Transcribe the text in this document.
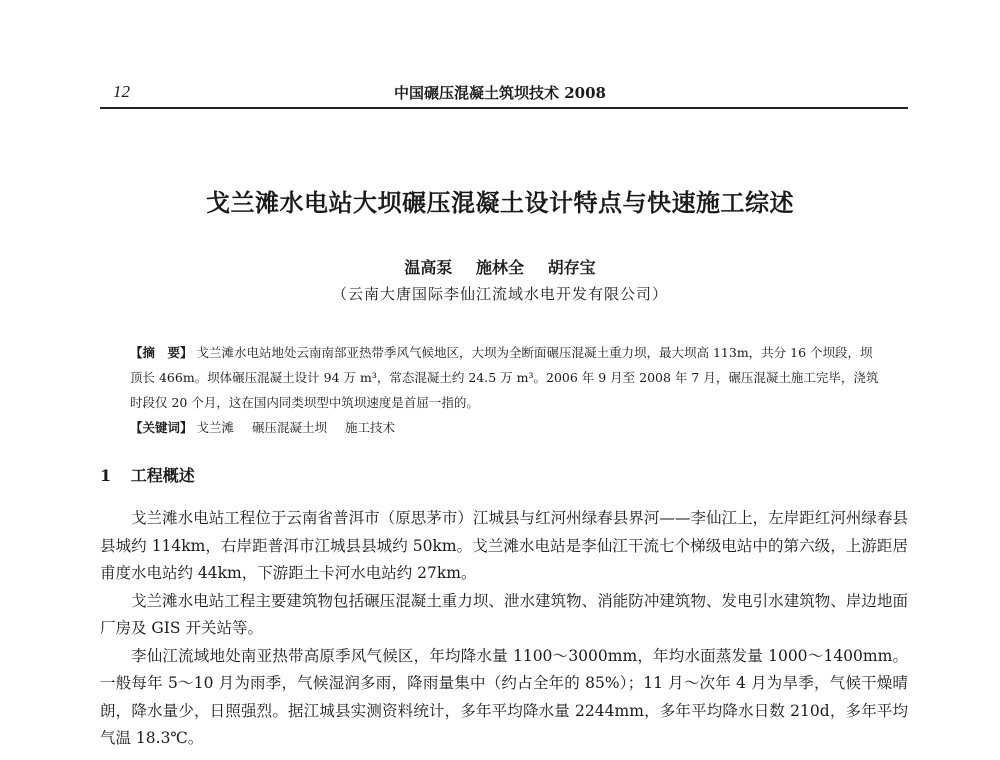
12	中国碾压混凝土筑坝技术 2008
戈兰滩水电站大坝碾压混凝土设计特点与快速施工综述
温高泵 施林全 胡存宝
（云南大唐国际李仙江流域水电开发有限公司）
【摘　要】 戈兰滩水电站地处云南南部亚热带季风气候地区，大坝为全断面碾压混凝土重力坝，最大坝高 113m，共分 16 个坝段，坝顶长 466m。坝体碾压混凝土设计 94 万 m³，常态混凝土约 24.5 万 m³。2006 年 9 月至 2008 年 7 月，碾压混凝土施工完毕，浇筑时段仅 20 个月，这在国内同类坝型中筑坝速度是首屈一指的。
【关键词】 戈兰滩 碾压混凝土坝 施工技术
1 工程概述

戈兰滩水电站工程位于云南省普洱市（原思茅市）江城县与红河州绿春县界河——李仙江上，左岸距红河州绿春县县城约 114km，右岸距普洱市江城县县城约 50km。戈兰滩水电站是李仙江干流七个梯级电站中的第六级，上游距居甫度水电站约 44km，下游距土卡河水电站约 27km。

戈兰滩水电站工程主要建筑物包括碾压混凝土重力坝、泄水建筑物、消能防冲建筑物、发电引水建筑物、岸边地面厂房及 GIS 开关站等。

李仙江流域地处南亚热带高原季风气候区，年均降水量 1100～3000mm，年均水面蒸发量 1000～1400mm。一般每年 5～10 月为雨季，气候湿润多雨，降雨量集中（约占全年的 85%）；11 月～次年 4 月为旱季，气候干燥晴朗，降水量少，日照强烈。据江城县实测资料统计，多年平均降水量 2244mm，多年平均降水日数 210d，多年平均气温 18.3℃。
